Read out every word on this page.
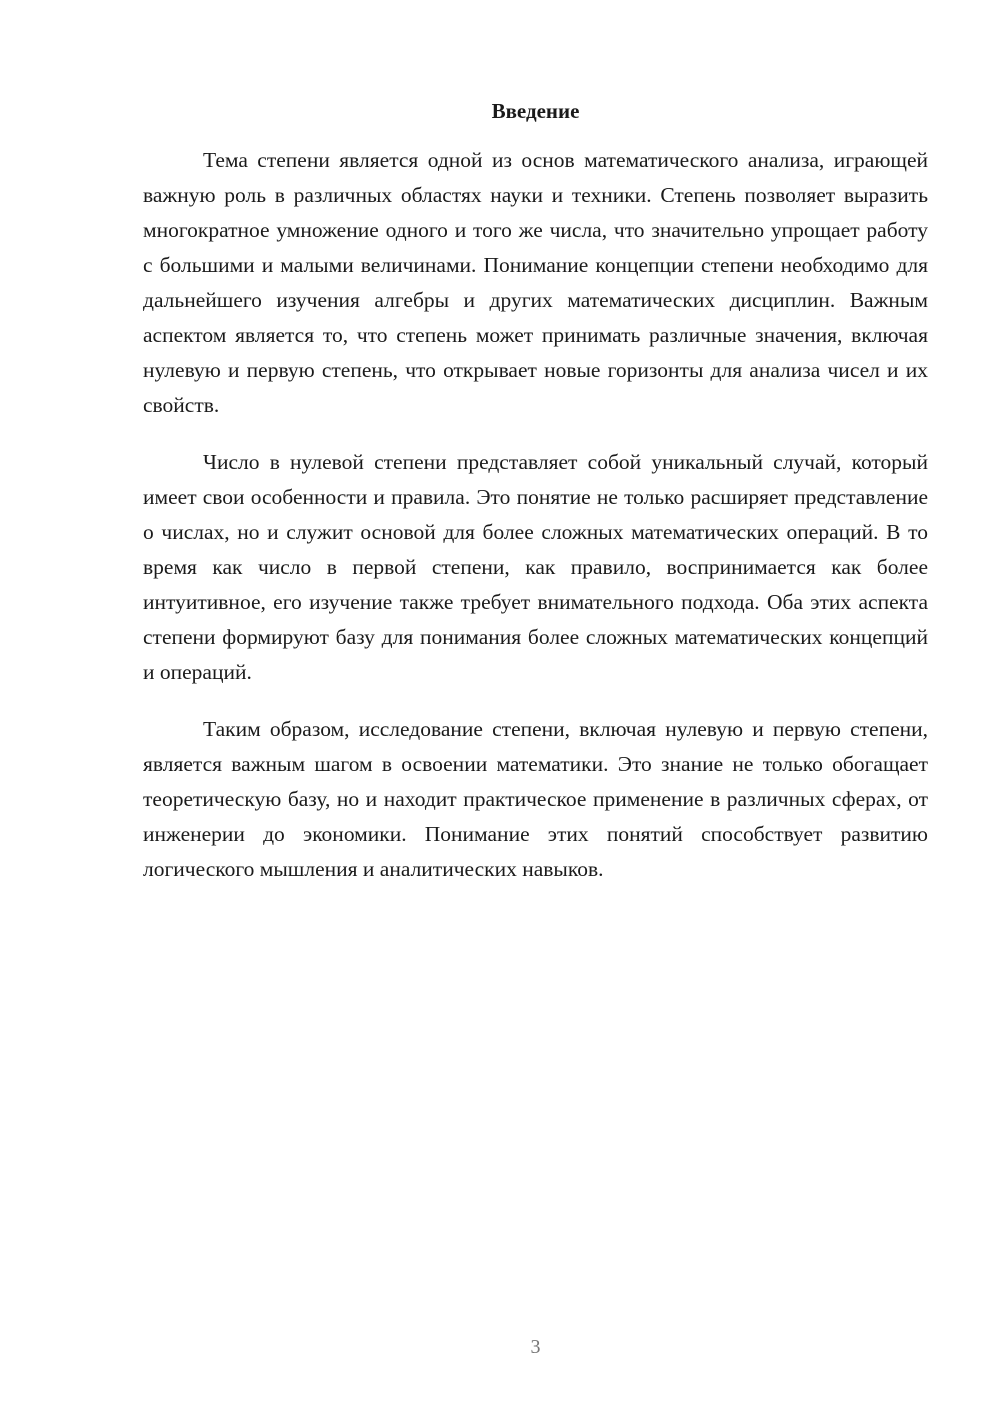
Введение

Тема степени является одной из основ математического анализа, играющей важную роль в различных областях науки и техники. Степень позволяет выразить многократное умножение одного и того же числа, что значительно упрощает работу с большими и малыми величинами. Понимание концепции степени необходимо для дальнейшего изучения алгебры и других математических дисциплин. Важным аспектом является то, что степень может принимать различные значения, включая нулевую и первую степень, что открывает новые горизонты для анализа чисел и их свойств.

Число в нулевой степени представляет собой уникальный случай, который имеет свои особенности и правила. Это понятие не только расширяет представление о числах, но и служит основой для более сложных математических операций. В то время как число в первой степени, как правило, воспринимается как более интуитивное, его изучение также требует внимательного подхода. Оба этих аспекта степени формируют базу для понимания более сложных математических концепций и операций.

Таким образом, исследование степени, включая нулевую и первую степени, является важным шагом в освоении математики. Это знание не только обогащает теоретическую базу, но и находит практическое применение в различных сферах, от инженерии до экономики. Понимание этих понятий способствует развитию логического мышления и аналитических навыков.

3
